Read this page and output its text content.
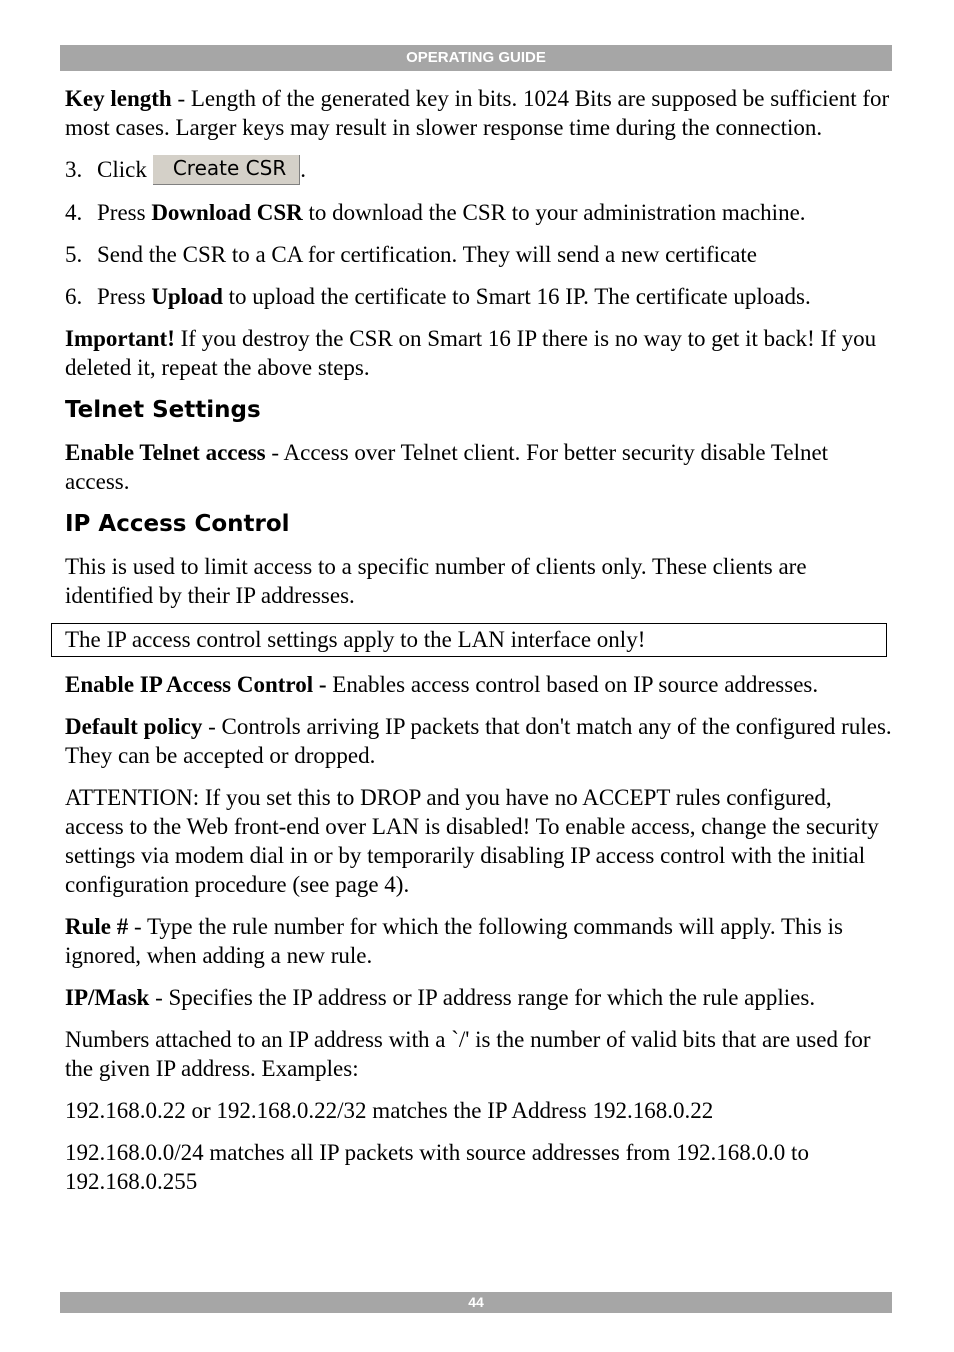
OPERATING GUIDE

Key length - Length of the generated key in bits. 1024 Bits are supposed be sufficient for most cases. Larger keys may result in slower response time during the connection.

3. Click Create CSR .
4. Press Download CSR to download the CSR to your administration machine.
5. Send the CSR to a CA for certification. They will send a new certificate
6. Press Upload to upload the certificate to Smart 16 IP. The certificate uploads.

Important! If you destroy the CSR on Smart 16 IP there is no way to get it back! If you deleted it, repeat the above steps.

Telnet Settings

Enable Telnet access - Access over Telnet client. For better security disable Telnet access.

IP Access Control

This is used to limit access to a specific number of clients only. These clients are identified by their IP addresses.

The IP access control settings apply to the LAN interface only!

Enable IP Access Control - Enables access control based on IP source addresses.

Default policy - Controls arriving IP packets that don't match any of the configured rules. They can be accepted or dropped.

ATTENTION: If you set this to DROP and you have no ACCEPT rules configured, access to the Web front-end over LAN is disabled! To enable access, change the security settings via modem dial in or by temporarily disabling IP access control with the initial configuration procedure (see page 4).

Rule # - Type the rule number for which the following commands will apply. This is ignored, when adding a new rule.

IP/Mask - Specifies the IP address or IP address range for which the rule applies.

Numbers attached to an IP address with a `/' is the number of valid bits that are used for the given IP address. Examples:

192.168.0.22 or 192.168.0.22/32 matches the IP Address 192.168.0.22

192.168.0.0/24 matches all IP packets with source addresses from 192.168.0.0 to 192.168.0.255

44
